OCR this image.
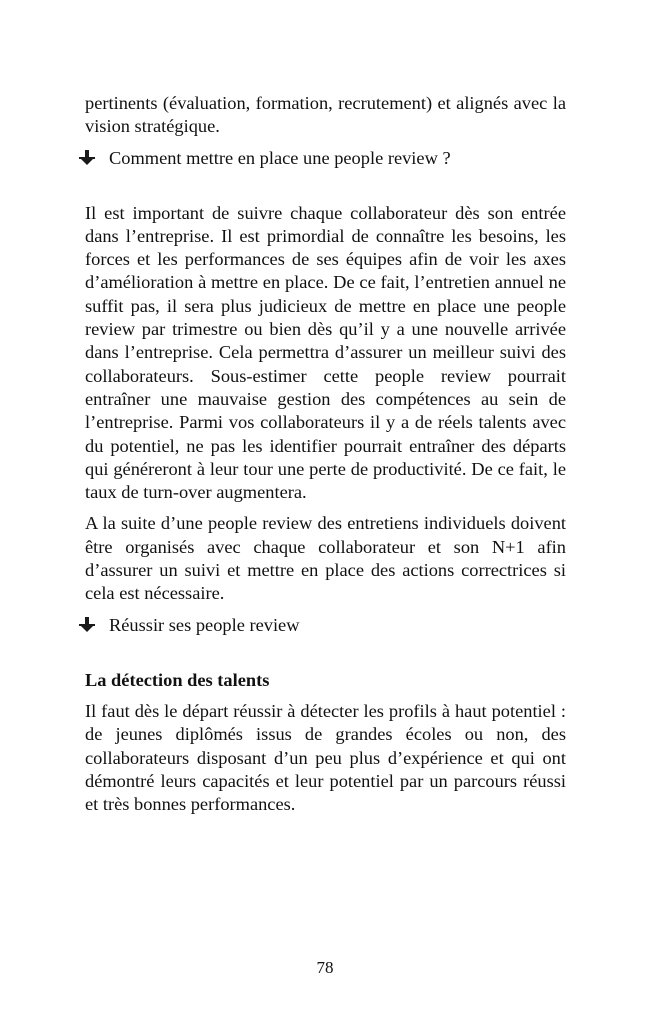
pertinents (évaluation, formation, recrutement) et alignés avec la vision stratégique.

Comment mettre en place une people review ?

Il est important de suivre chaque collaborateur dès son entrée dans l’entreprise. Il est primordial de connaître les besoins, les forces et les performances de ses équipes afin de voir les axes d’amélioration à mettre en place. De ce fait, l’entretien annuel ne suffit pas, il sera plus judicieux de mettre en place une people review par trimestre ou bien dès qu’il y a une nouvelle arrivée dans l’entreprise. Cela permettra d’assurer un meilleur suivi des collaborateurs. Sous-estimer cette people review pourrait entraîner une mauvaise gestion des compétences au sein de l’entreprise. Parmi vos collaborateurs il y a de réels talents avec du potentiel, ne pas les identifier pourrait entraîner des départs qui généreront à leur tour une perte de productivité. De ce fait, le taux de turn-over augmentera.

A la suite d’une people review des entretiens individuels doivent être organisés avec chaque collaborateur et son N+1 afin d’assurer un suivi et mettre en place des actions correctrices si cela est nécessaire.

Réussir ses people review

La détection des talents

Il faut dès le départ réussir à détecter les profils à haut potentiel : de jeunes diplômés issus de grandes écoles ou non, des collaborateurs disposant d’un peu plus d’expérience et qui ont démontré leurs capacités et leur potentiel par un parcours réussi et très bonnes performances.

78
